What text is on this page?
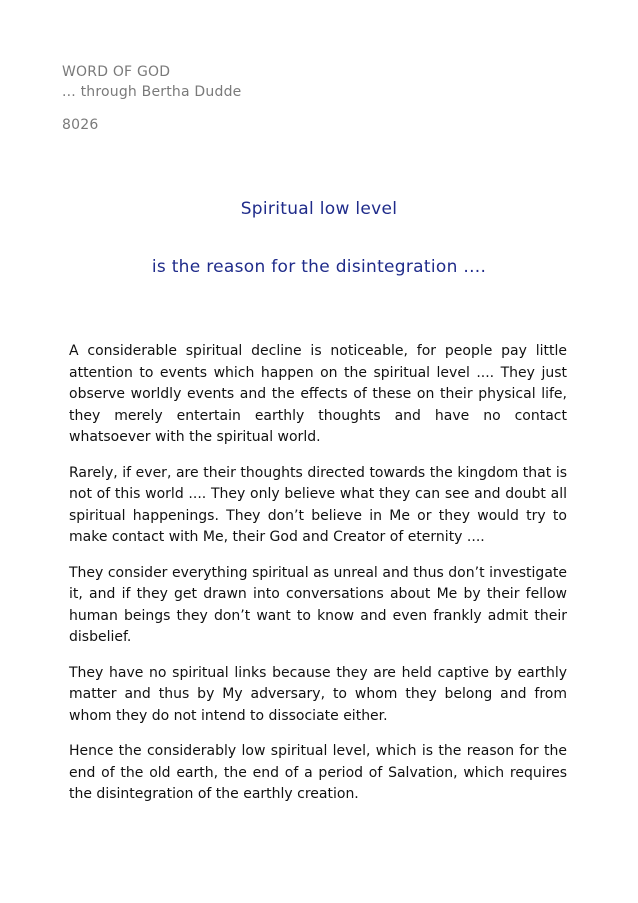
WORD OF GOD
... through Bertha Dudde
8026
Spiritual low level
is the reason for the disintegration ....

A considerable spiritual decline is noticeable, for people pay little attention to events which happen on the spiritual level .... They just observe worldly events and the effects of these on their physical life, they merely entertain earthly thoughts and have no contact whatsoever with the spiritual world.

Rarely, if ever, are their thoughts directed towards the kingdom that is not of this world .... They only believe what they can see and doubt all spiritual happenings. They don’t believe in Me or they would try to make contact with Me, their God and Creator of eternity ....

They consider everything spiritual as unreal and thus don’t investigate it, and if they get drawn into conversations about Me by their fellow human beings they don’t want to know and even frankly admit their disbelief.

They have no spiritual links because they are held captive by earthly matter and thus by My adversary, to whom they belong and from whom they do not intend to dissociate either.

Hence the considerably low spiritual level, which is the reason for the end of the old earth, the end of a period of Salvation, which requires the disintegration of the earthly creation.
